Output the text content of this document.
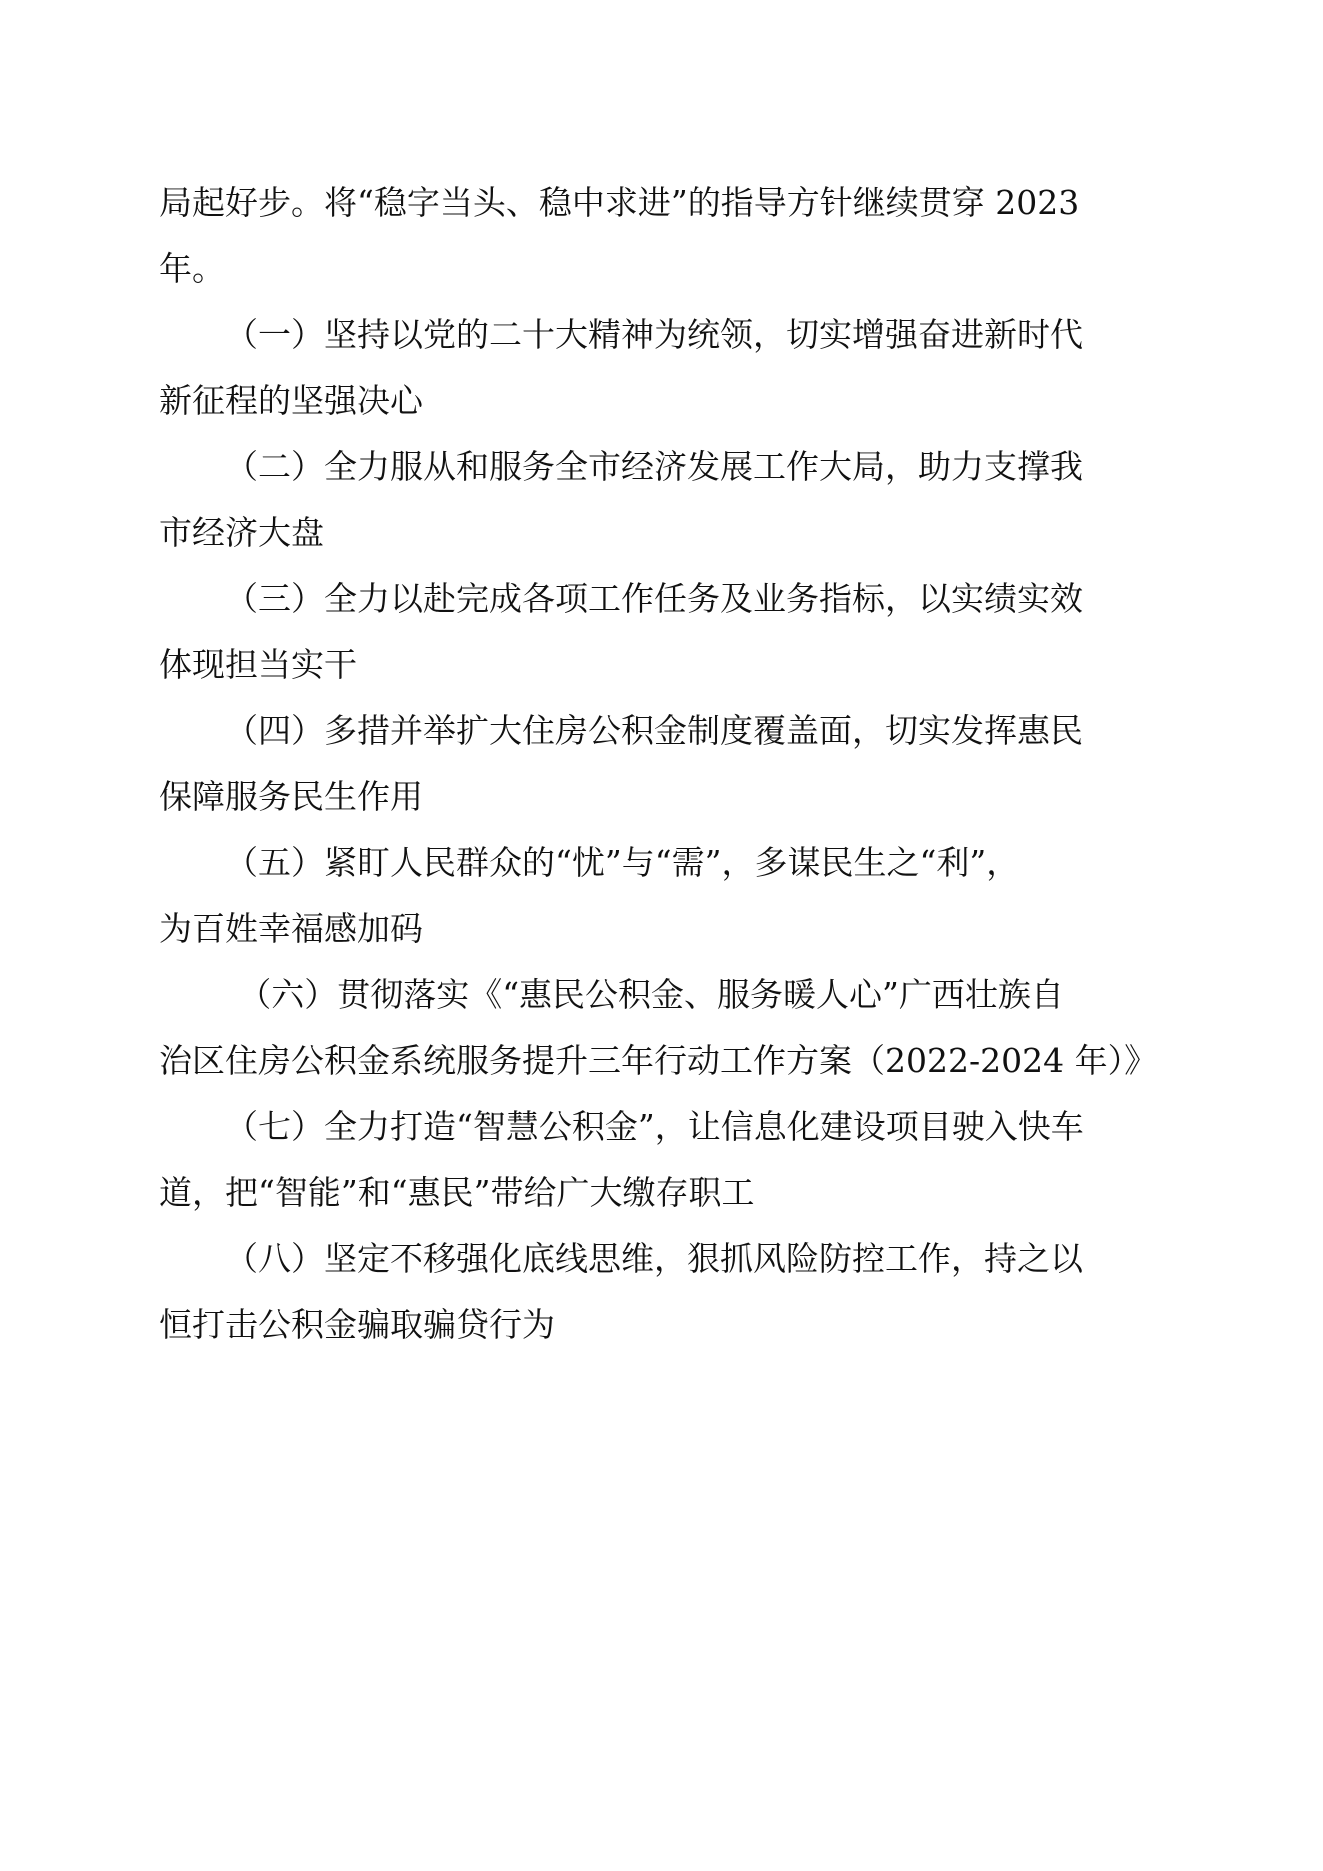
局起好步。将“稳字当头、稳中求进”的指导方针继续贯穿 2023
年。

（一）坚持以党的二十大精神为统领，切实增强奋进新时代
新征程的坚强决心

（二）全力服从和服务全市经济发展工作大局，助力支撑我
市经济大盘

（三）全力以赴完成各项工作任务及业务指标，以实绩实效
体现担当实干

（四）多措并举扩大住房公积金制度覆盖面，切实发挥惠民
保障服务民生作用

（五）紧盯人民群众的“忧”与“需”，多谋民生之“利”，
为百姓幸福感加码

（六）贯彻落实《“惠民公积金、服务暖人心”广西壮族自
治区住房公积金系统服务提升三年行动工作方案（2022-2024 年）》

（七）全力打造“智慧公积金”，让信息化建设项目驶入快车
道，把“智能”和“惠民”带给广大缴存职工

（八）坚定不移强化底线思维，狠抓风险防控工作，持之以
恒打击公积金骗取骗贷行为
